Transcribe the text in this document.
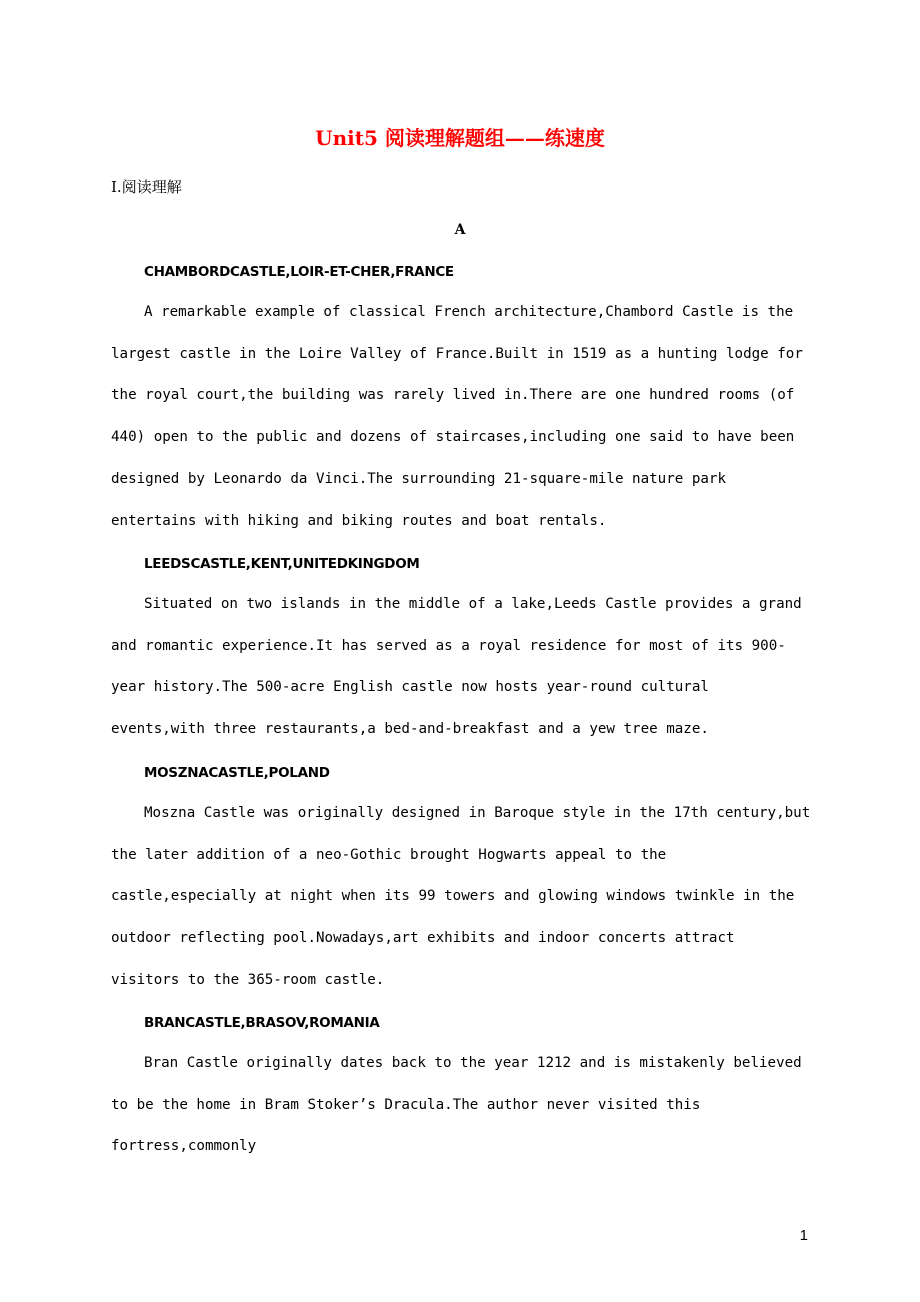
Unit5 阅读理解题组——练速度
Ⅰ.阅读理解
A
CHAMBORDCASTLE,LOIR-ET-CHER,FRANCE
A remarkable example of classical French architecture,Chambord Castle is the largest castle in the Loire Valley of France.Built in 1519 as a hunting lodge for the royal court,the building was rarely lived in.There are one hundred rooms (of 440) open to the public and dozens of staircases,including one said to have been designed by Leonardo da Vinci.The surrounding 21-square-mile nature park entertains with hiking and biking routes and boat rentals.
LEEDSCASTLE,KENT,UNITEDKINGDOM
Situated on two islands in the middle of a lake,Leeds Castle provides a grand and romantic experience.It has served as a royal residence for most of its 900-year history.The 500-acre English castle now hosts year-round cultural events,with three restaurants,a bed-and-breakfast and a yew tree maze.
MOSZNACASTLE,POLAND
Moszna Castle was originally designed in Baroque style in the 17th century,but the later addition of a neo-Gothic brought Hogwarts appeal to the castle,especially at night when its 99 towers and glowing windows twinkle in the outdoor reflecting pool.Nowadays,art exhibits and indoor concerts attract visitors to the 365-room castle.
BRANCASTLE,BRASOV,ROMANIA
Bran Castle originally dates back to the year 1212 and is mistakenly believed to be the home in Bram Stoker’s Dracula.The author never visited this fortress,commonly
1
